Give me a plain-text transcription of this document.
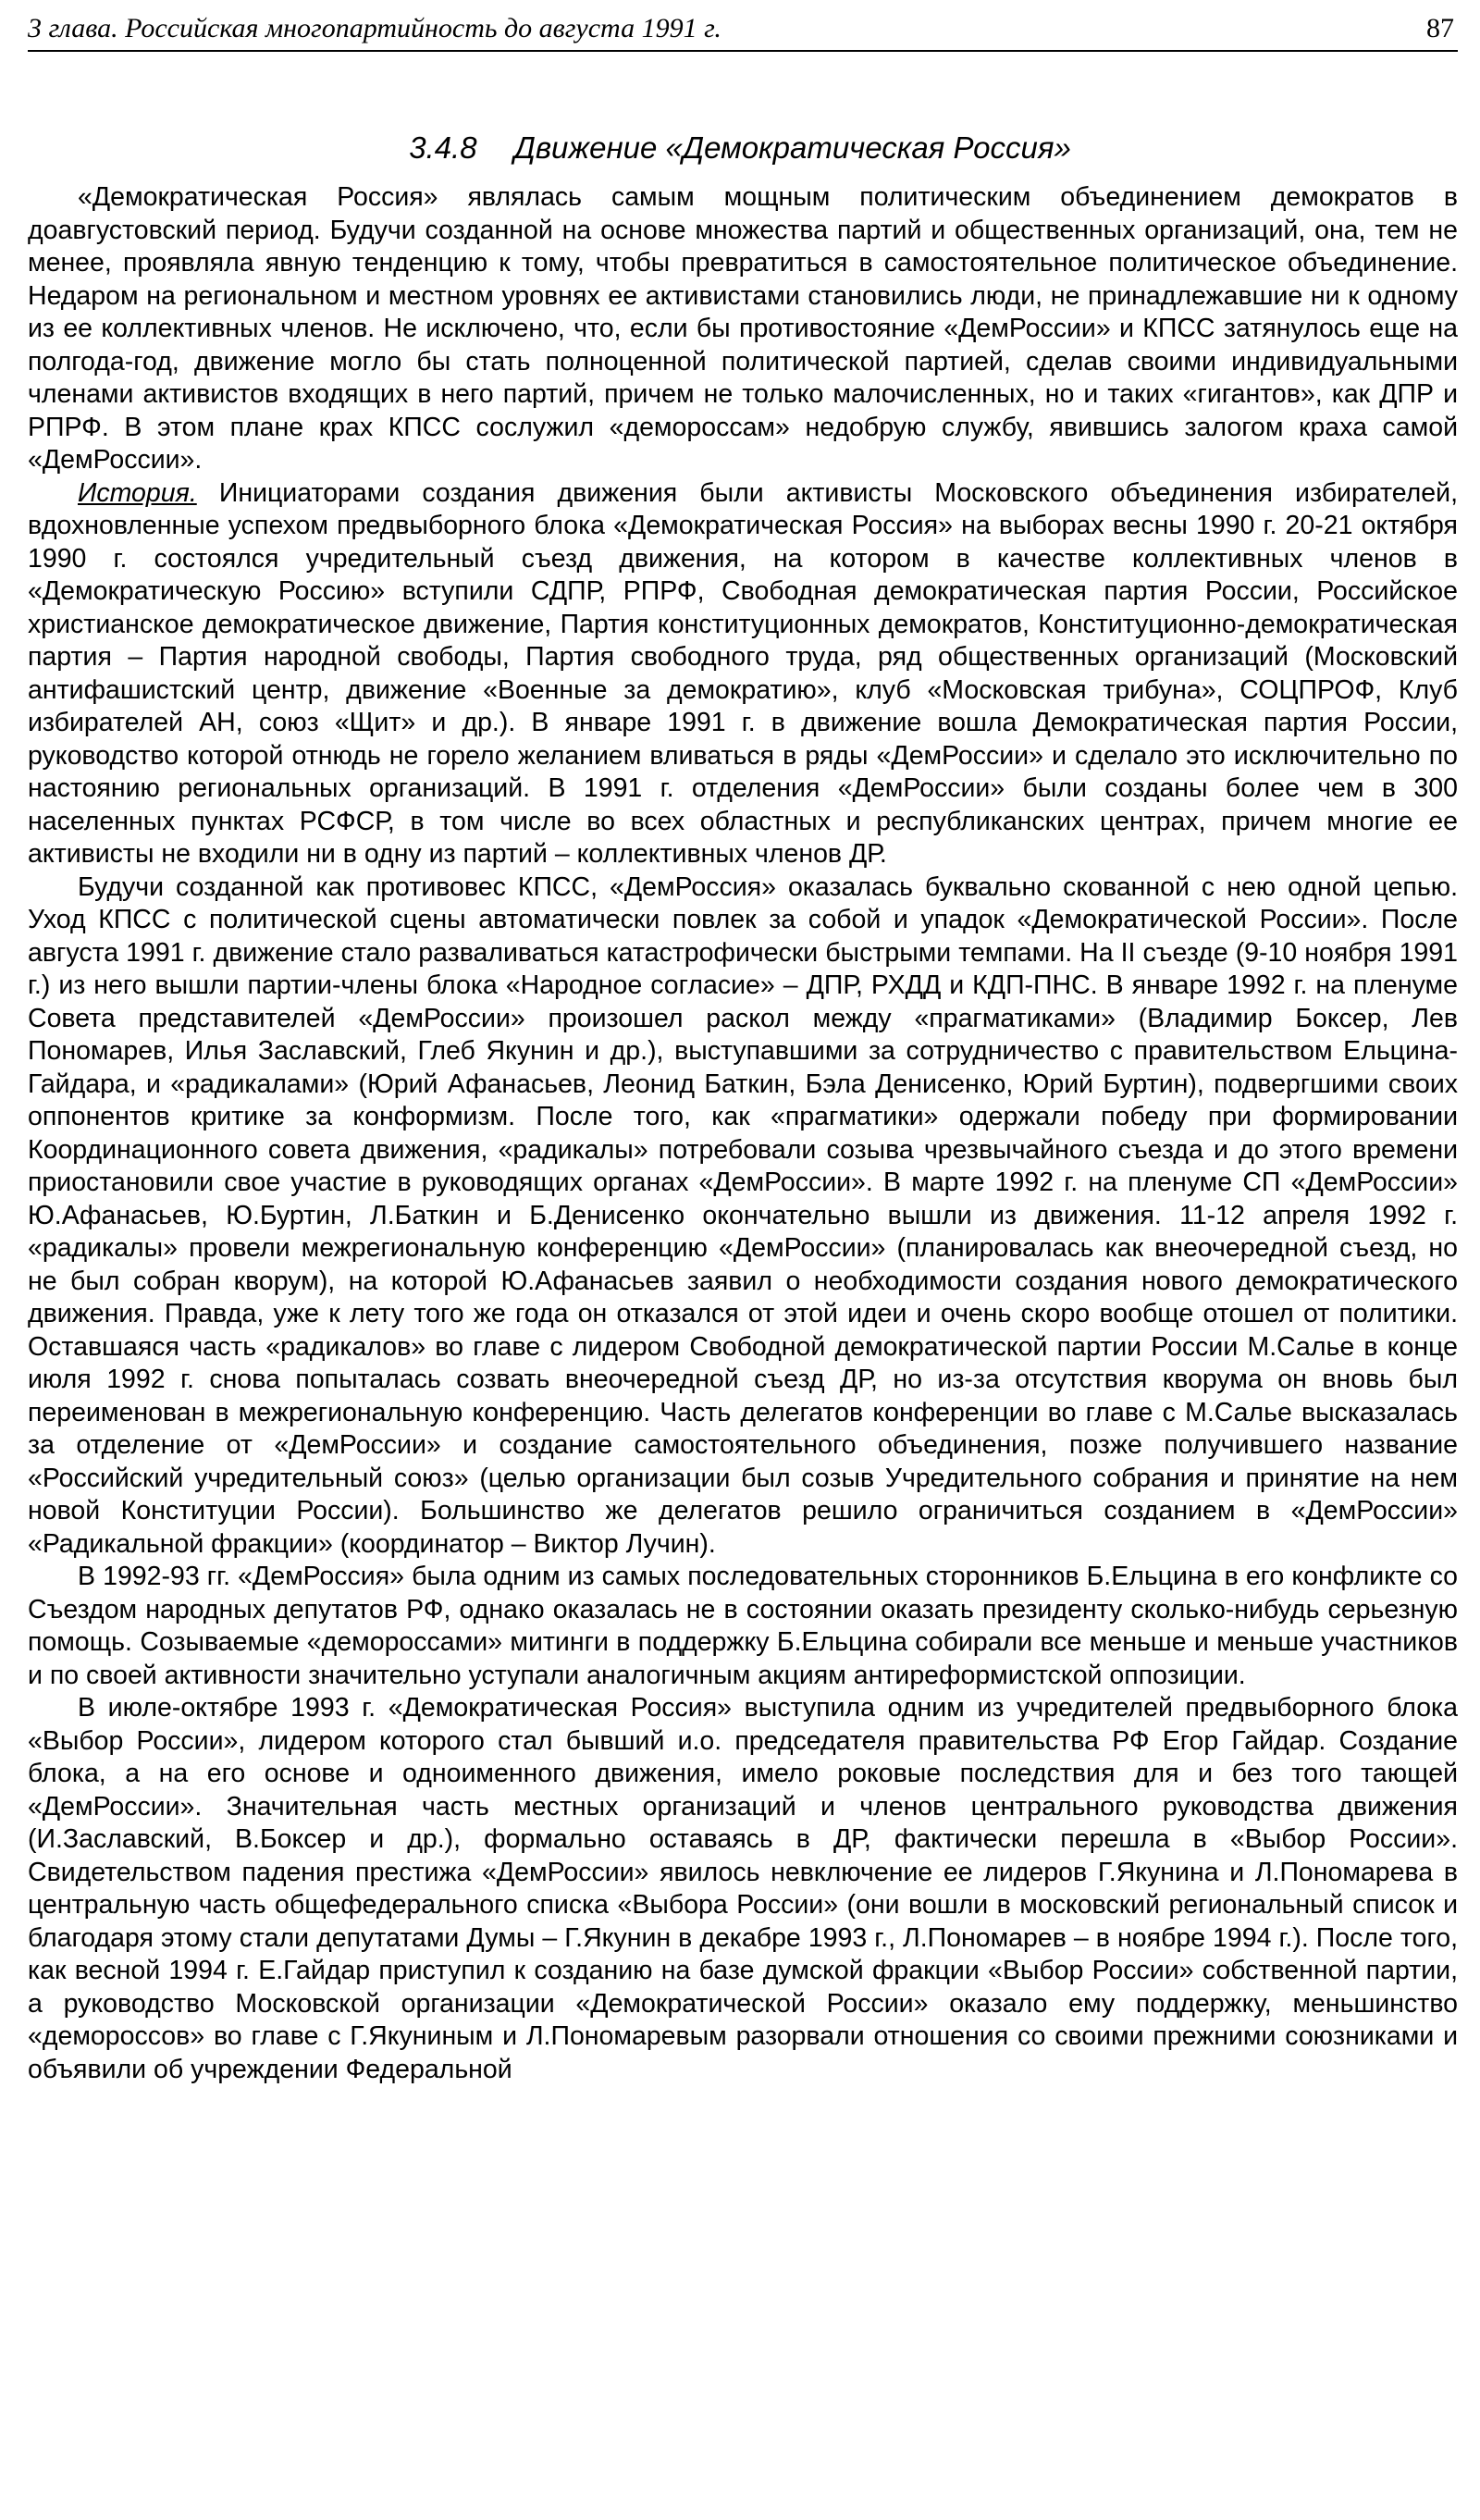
3 глава. Российская многопартийность до августа 1991 г.	87
3.4.8 Движение «Демократическая Россия»

«Демократическая Россия» являлась самым мощным политическим объединением демократов в доавгустовский период. Будучи созданной на основе множества партий и общественных организаций, она, тем не менее, проявляла явную тенденцию к тому, чтобы превратиться в самостоятельное политическое объединение. Недаром на региональном и местном уровнях ее активистами становились люди, не принадлежавшие ни к одному из ее коллективных членов. Не исключено, что, если бы противостояние «ДемРоссии» и КПСС затянулось еще на полгода-год, движение могло бы стать полноценной политической партией, сделав своими индивидуальными членами активистов входящих в него партий, причем не только малочисленных, но и таких «гигантов», как ДПР и РПРФ. В этом плане крах КПСС сослужил «демороссам» недобрую службу, явившись залогом краха самой «ДемРоссии».

История. Инициаторами создания движения были активисты Московского объединения избирателей, вдохновленные успехом предвыборного блока «Демократическая Россия» на выборах весны 1990 г. 20-21 октября 1990 г. состоялся учредительный съезд движения, на котором в качестве коллективных членов в «Демократическую Россию» вступили СДПР, РПРФ, Свободная демократическая партия России, Российское христианское демократическое движение, Партия конституционных демократов, Конституционно-демократическая партия – Партия народной свободы, Партия свободного труда, ряд общественных организаций (Московский антифашистский центр, движение «Военные за демократию», клуб «Московская трибуна», СОЦПРОФ, Клуб избирателей АН, союз «Щит» и др.). В январе 1991 г. в движение вошла Демократическая партия России, руководство которой отнюдь не горело желанием вливаться в ряды «ДемРоссии» и сделало это исключительно по настоянию региональных организаций. В 1991 г. отделения «ДемРоссии» были созданы более чем в 300 населенных пунктах РСФСР, в том числе во всех областных и республиканских центрах, причем многие ее активисты не входили ни в одну из партий – коллективных членов ДР.

Будучи созданной как противовес КПСС, «ДемРоссия» оказалась буквально скованной с нею одной цепью. Уход КПСС с политической сцены автоматически повлек за собой и упадок «Демократической России». После августа 1991 г. движение стало разваливаться катастрофически быстрыми темпами. На II съезде (9-10 ноября 1991 г.) из него вышли партии-члены блока «Народное согласие» – ДПР, РХДД и КДП-ПНС. В январе 1992 г. на пленуме Совета представителей «ДемРоссии» произошел раскол между «прагматиками» (Владимир Боксер, Лев Пономарев, Илья Заславский, Глеб Якунин и др.), выступавшими за сотрудничество с правительством Ельцина-Гайдара, и «радикалами» (Юрий Афанасьев, Леонид Баткин, Бэла Денисенко, Юрий Буртин), подвергшими своих оппонентов критике за конформизм. После того, как «прагматики» одержали победу при формировании Координационного совета движения, «радикалы» потребовали созыва чрезвычайного съезда и до этого времени приостановили свое участие в руководящих органах «ДемРоссии». В марте 1992 г. на пленуме СП «ДемРоссии» Ю.Афанасьев, Ю.Буртин, Л.Баткин и Б.Денисенко окончательно вышли из движения. 11-12 апреля 1992 г. «радикалы» провели межрегиональную конференцию «ДемРоссии» (планировалась как внеочередной съезд, но не был собран кворум), на которой Ю.Афанасьев заявил о необходимости создания нового демократического движения. Правда, уже к лету того же года он отказался от этой идеи и очень скоро вообще отошел от политики. Оставшаяся часть «радикалов» во главе с лидером Свободной демократической партии России М.Салье в конце июля 1992 г. снова попыталась созвать внеочередной съезд ДР, но из-за отсутствия кворума он вновь был переименован в межрегиональную конференцию. Часть делегатов конференции во главе с М.Салье высказалась за отделение от «ДемРоссии» и создание самостоятельного объединения, позже получившего название «Российский учредительный союз» (целью организации был созыв Учредительного собрания и принятие на нем новой Конституции России). Большинство же делегатов решило ограничиться созданием в «ДемРоссии» «Радикальной фракции» (координатор – Виктор Лучин).

В 1992-93 гг. «ДемРоссия» была одним из самых последовательных сторонников Б.Ельцина в его конфликте со Съездом народных депутатов РФ, однако оказалась не в состоянии оказать президенту сколько-нибудь серьезную помощь. Созываемые «демороссами» митинги в поддержку Б.Ельцина собирали все меньше и меньше участников и по своей активности значительно уступали аналогичным акциям антиреформистской оппозиции.

В июле-октябре 1993 г. «Демократическая Россия» выступила одним из учредителей предвыборного блока «Выбор России», лидером которого стал бывший и.о. председателя правительства РФ Егор Гайдар. Создание блока, а на его основе и одноименного движения, имело роковые последствия для и без того тающей «ДемРоссии». Значительная часть местных организаций и членов центрального руководства движения (И.Заславский, В.Боксер и др.), формально оставаясь в ДР, фактически перешла в «Выбор России». Свидетельством падения престижа «ДемРоссии» явилось невключение ее лидеров Г.Якунина и Л.Пономарева в центральную часть общефедерального списка «Выбора России» (они вошли в московский региональный список и благодаря этому стали депутатами Думы – Г.Якунин в декабре 1993 г., Л.Пономарев – в ноябре 1994 г.). После того, как весной 1994 г. Е.Гайдар приступил к созданию на базе думской фракции «Выбор России» собственной партии, а руководство Московской организации «Демократической России» оказало ему поддержку, меньшинство «демороссов» во главе с Г.Якуниным и Л.Пономаревым разорвали отношения со своими прежними союзниками и объявили об учреждении Федеральной
